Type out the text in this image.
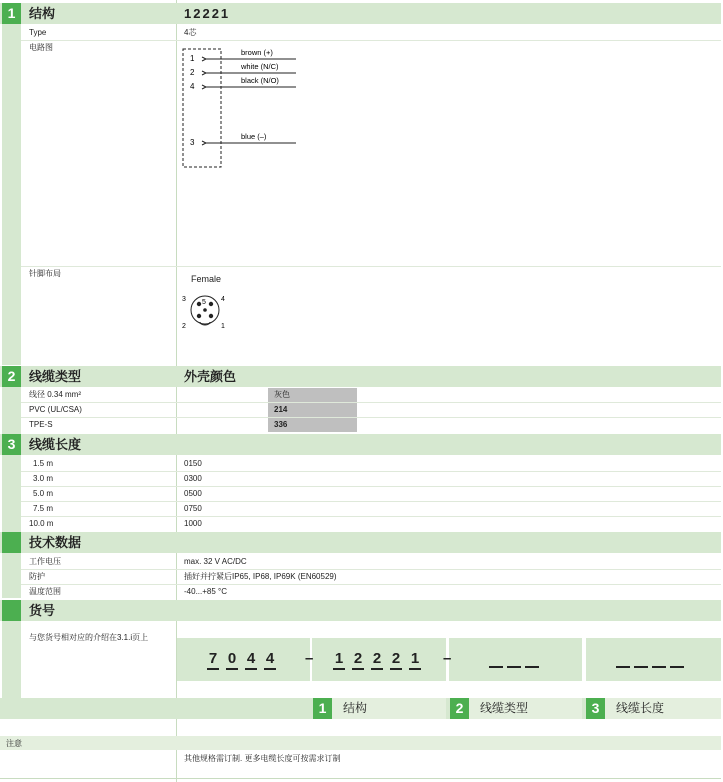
1	结构	12221
Type	4芯
电路图
1
2
4
3
brown (+)
white (N/C)
black (N/O)
blue (–)
针脚布局
Female
3 5 4
2	1
2	线缆类型	外壳颜色
线径 0.34 mm²	灰色
PVC (UL/CSA)	214
TPE-S	336
3	线缆长度
1.5 m	0150
3.0 m	0300
5.0 m	0500
7.5 m	0750
10.0 m	1000
技术数据
工作电压	max. 32 V AC/DC
防护	插好并拧紧后IP65, IP68, IP69K (EN60529)
温度范围	-40...+85 °C
货号
与您货号相对应的介绍在3.1.i页上
7 0 4 4	– 1 2 2 2 1	–
1	结构	2	线缆类型	3	线缆长度
注意
其他规格需订制. 更多电缆长度可按需求订制
